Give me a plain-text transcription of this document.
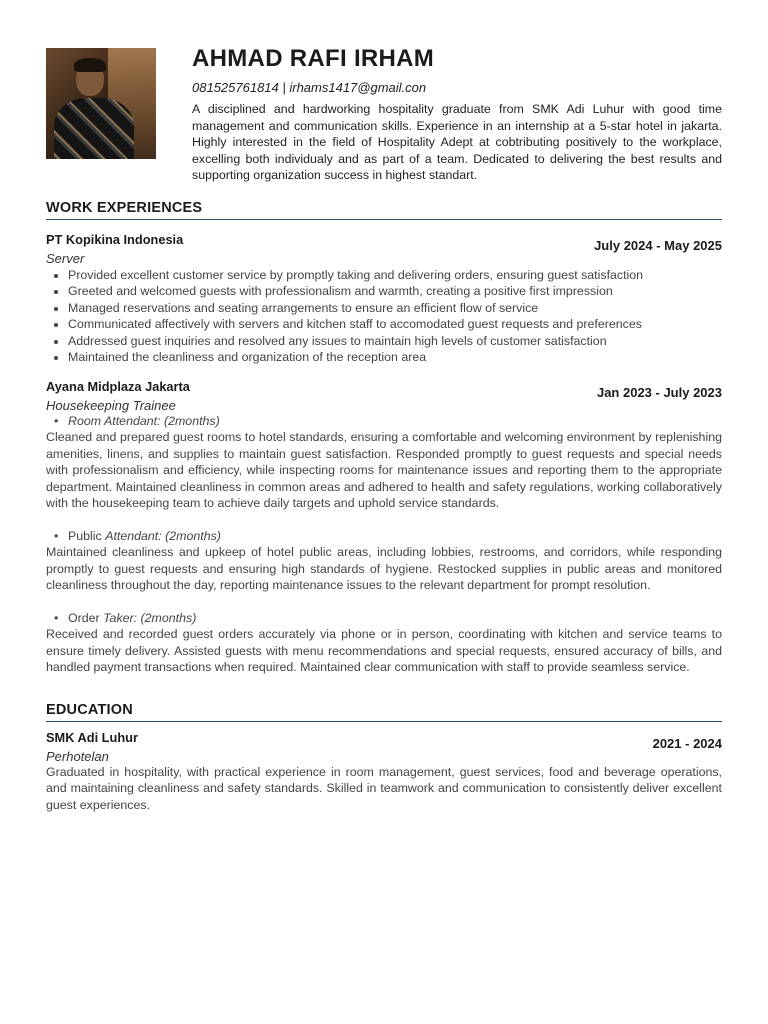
AHMAD RAFI IRHAM
081525761814 | irhams1417@gmail.con
A disciplined and hardworking hospitality graduate from SMK Adi Luhur with good time management and communication skills. Experience in an internship at a 5-star hotel in jakarta. Highly interested in the field of Hospitality Adept at cobtributing positively to the workplace, excelling both individualy and as part of a team. Dedicated to delivering the best results and supporting organization success in highest standart.
WORK EXPERIENCES
PT Kopikina Indonesia	July 2024 - May 2025
Server
• Provided excellent customer service by promptly taking and delivering orders, ensuring guest satisfaction
• Greeted and welcomed guests with professionalism and warmth, creating a positive first impression
• Managed reservations and seating arrangements to ensure an efficient flow of service
• Communicated affectively with servers and kitchen staff to accomodated guest requests and preferences
• Addressed guest inquiries and resolved any issues to maintain high levels of customer satisfaction
• Maintained the cleanliness and organization of the reception area
Ayana Midplaza Jakarta	Jan 2023 - July 2023
Housekeeping Trainee
• Room Attendant: (2months)
Cleaned and prepared guest rooms to hotel standards, ensuring a comfortable and welcoming environment by replenishing amenities, linens, and supplies to maintain guest satisfaction. Responded promptly to guest requests and special needs with professionalism and efficiency, while inspecting rooms for maintenance issues and reporting them to the appropriate department. Maintained cleanliness in common areas and adhered to health and safety regulations, working collaboratively with the housekeeping team to achieve daily targets and uphold service standards.
• Public Attendant: (2months)
Maintained cleanliness and upkeep of hotel public areas, including lobbies, restrooms, and corridors, while responding promptly to guest requests and ensuring high standards of hygiene. Restocked supplies in public areas and monitored cleanliness throughout the day, reporting maintenance issues to the relevant department for prompt resolution.
• Order Taker: (2months)
Received and recorded guest orders accurately via phone or in person, coordinating with kitchen and service teams to ensure timely delivery. Assisted guests with menu recommendations and special requests, ensured accuracy of bills, and handled payment transactions when required. Maintained clear communication with staff to provide seamless service.
EDUCATION
SMK Adi Luhur	2021 - 2024
Perhotelan
Graduated in hospitality, with practical experience in room management, guest services, food and beverage operations, and maintaining cleanliness and safety standards. Skilled in teamwork and communication to consistently deliver excellent guest experiences.
